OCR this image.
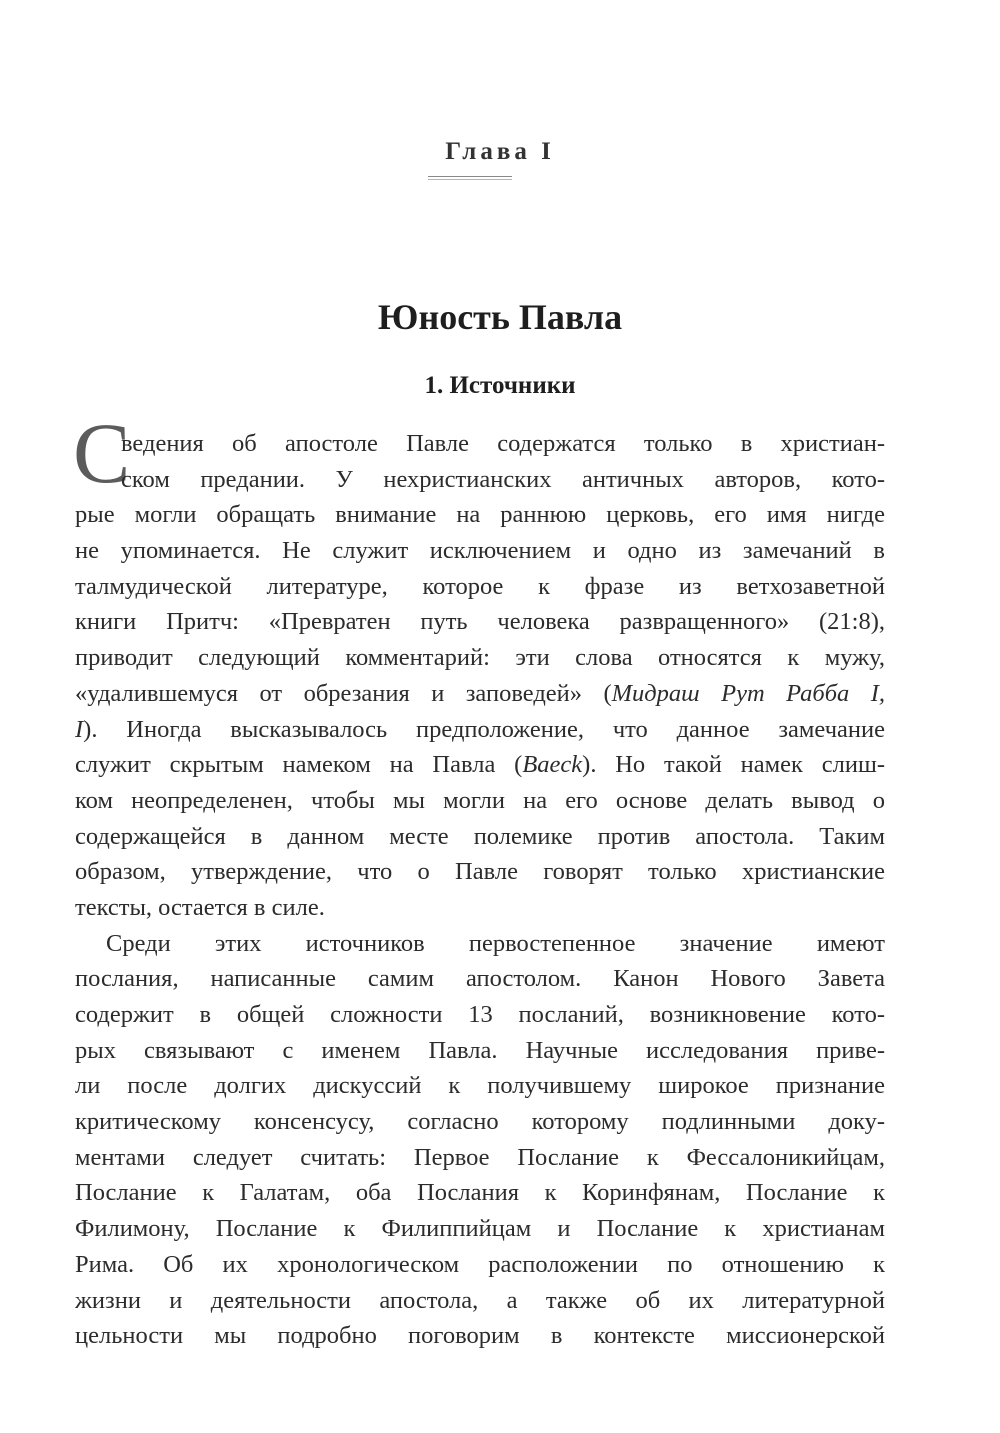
Глава I
Юность Павла
1. Источники
С
ведения об апостоле Павле содержатся только в христиан-
ском предании. У нехристианских античных авторов, кото-
рые могли обращать внимание на раннюю церковь, его имя нигде
не упоминается. Не служит исключением и одно из замечаний в
талмудической литературе, которое к фразе из ветхозаветной
книги Притч: «Превратен путь человека развращенного» (21:8),
приводит следующий комментарий: эти слова относятся к мужу,
«удалившемуся от обрезания и заповедей» (Мидраш Рут Рабба I,
I). Иногда высказывалось предположение, что данное замечание
служит скрытым намеком на Павла (Baeck). Но такой намек слиш-
ком неопределенен, чтобы мы могли на его основе делать вывод о
содержащейся в данном месте полемике против апостола. Таким
образом, утверждение, что о Павле говорят только христианские
тексты, остается в силе.
Среди этих источников первостепенное значение имеют
послания, написанные самим апостолом. Канон Нового Завета
содержит в общей сложности 13 посланий, возникновение кото-
рых связывают с именем Павла. Научные исследования приве-
ли после долгих дискуссий к получившему широкое признание
критическому консенсусу, согласно которому подлинными доку-
ментами следует считать: Первое Послание к Фессалоникийцам,
Послание к Галатам, оба Послания к Коринфянам, Послание к
Филимону, Послание к Филиппийцам и Послание к христианам
Рима. Об их хронологическом расположении по отношению к
жизни и деятельности апостола, а также об их литературной
цельности мы подробно поговорим в контексте миссионерской
